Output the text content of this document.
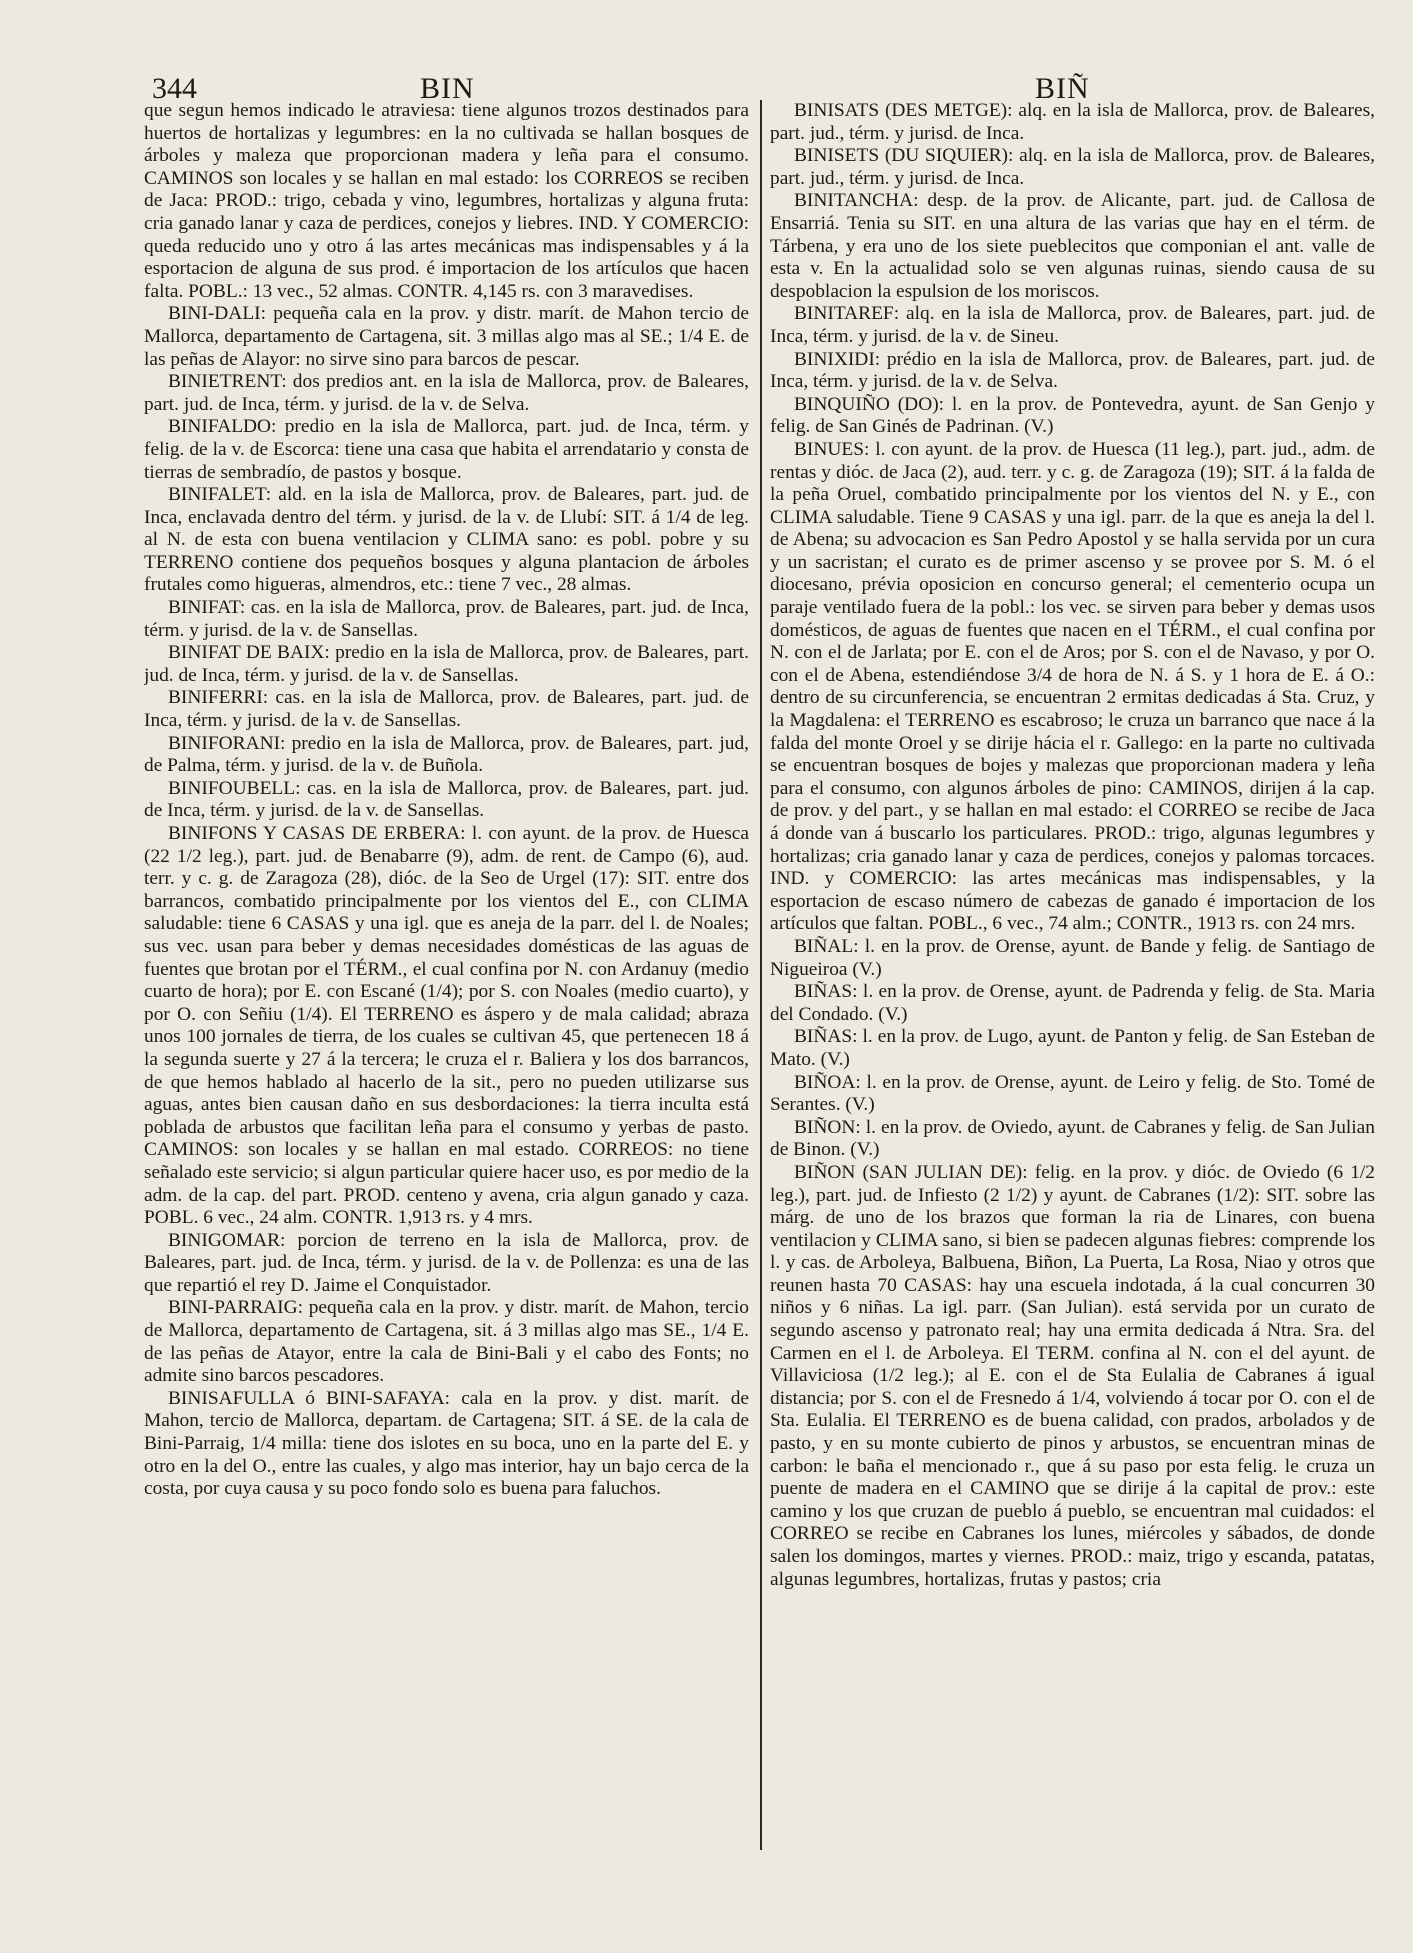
344	BIN	BIÑ

que segun hemos indicado le atraviesa: tiene algunos trozos destinados para huertos de hortalizas y legumbres: en la no cultivada se hallan bosques de árboles y maleza que proporcionan madera y leña para el consumo. CAMINOS son locales y se hallan en mal estado: los CORREOS se reciben de Jaca: PROD.: trigo, cebada y vino, legumbres, hortalizas y alguna fruta: cria ganado lanar y caza de perdices, conejos y liebres. IND. Y COMERCIO: queda reducido uno y otro á las artes mecánicas mas indispensables y á la esportacion de alguna de sus prod. é importacion de los artículos que hacen falta. POBL.: 13 vec., 52 almas. CONTR. 4,145 rs. con 3 maravedises.

BINI-DALI: pequeña cala en la prov. y distr. marít. de Mahon tercio de Mallorca, departamento de Cartagena, sit. 3 millas algo mas al SE.; 1/4 E. de las peñas de Alayor: no sirve sino para barcos de pescar.

BINIETRENT: dos predios ant. en la isla de Mallorca, prov. de Baleares, part. jud. de Inca, térm. y jurisd. de la v. de Selva.

BINIFALDO: predio en la isla de Mallorca, part. jud. de Inca, térm. y felig. de la v. de Escorca: tiene una casa que habita el arrendatario y consta de tierras de sembradío, de pastos y bosque.

BINIFALET: ald. en la isla de Mallorca, prov. de Baleares, part. jud. de Inca, enclavada dentro del térm. y jurisd. de la v. de Llubí: SIT. á 1/4 de leg. al N. de esta con buena ventilacion y CLIMA sano: es pobl. pobre y su TERRENO contiene dos pequeños bosques y alguna plantacion de árboles frutales como higueras, almendros, etc.: tiene 7 vec., 28 almas.

BINIFAT: cas. en la isla de Mallorca, prov. de Baleares, part. jud. de Inca, térm. y jurisd. de la v. de Sansellas.

BINIFAT DE BAIX: predio en la isla de Mallorca, prov. de Baleares, part. jud. de Inca, térm. y jurisd. de la v. de Sansellas.

BINIFERRI: cas. en la isla de Mallorca, prov. de Baleares, part. jud. de Inca, térm. y jurisd. de la v. de Sansellas.

BINIFORANI: predio en la isla de Mallorca, prov. de Baleares, part. jud, de Palma, térm. y jurisd. de la v. de Buñola.

BINIFOUBELL: cas. en la isla de Mallorca, prov. de Baleares, part. jud. de Inca, térm. y jurisd. de la v. de Sansellas.

BINIFONS Y CASAS DE ERBERA: l. con ayunt. de la prov. de Huesca (22 1/2 leg.), part. jud. de Benabarre (9), adm. de rent. de Campo (6), aud. terr. y c. g. de Zaragoza (28), dióc. de la Seo de Urgel (17): SIT. entre dos barrancos, combatido principalmente por los vientos del E., con CLIMA saludable: tiene 6 CASAS y una igl. que es aneja de la parr. del l. de Noales; sus vec. usan para beber y demas necesidades domésticas de las aguas de fuentes que brotan por el TÉRM., el cual confina por N. con Ardanuy (medio cuarto de hora); por E. con Escané (1/4); por S. con Noales (medio cuarto), y por O. con Señiu (1/4). El TERRENO es áspero y de mala calidad; abraza unos 100 jornales de tierra, de los cuales se cultivan 45, que pertenecen 18 á la segunda suerte y 27 á la tercera; le cruza el r. Baliera y los dos barrancos, de que hemos hablado al hacerlo de la sit., pero no pueden utilizarse sus aguas, antes bien causan daño en sus desbordaciones: la tierra inculta está poblada de arbustos que facilitan leña para el consumo y yerbas de pasto. CAMINOS: son locales y se hallan en mal estado. CORREOS: no tiene señalado este servicio; si algun particular quiere hacer uso, es por medio de la adm. de la cap. del part. PROD. centeno y avena, cria algun ganado y caza. POBL. 6 vec., 24 alm. CONTR. 1,913 rs. y 4 mrs.

BINIGOMAR: porcion de terreno en la isla de Mallorca, prov. de Baleares, part. jud. de Inca, térm. y jurisd. de la v. de Pollenza: es una de las que repartió el rey D. Jaime el Conquistador.

BINI-PARRAIG: pequeña cala en la prov. y distr. marít. de Mahon, tercio de Mallorca, departamento de Cartagena, sit. á 3 millas algo mas SE., 1/4 E. de las peñas de Atayor, entre la cala de Bini-Bali y el cabo des Fonts; no admite sino barcos pescadores.

BINISAFULLA ó BINI-SAFAYA: cala en la prov. y dist. marít. de Mahon, tercio de Mallorca, departam. de Cartagena; SIT. á SE. de la cala de Bini-Parraig, 1/4 milla: tiene dos islotes en su boca, uno en la parte del E. y otro en la del O., entre las cuales, y algo mas interior, hay un bajo cerca de la costa, por cuya causa y su poco fondo solo es buena para faluchos.

BINISATS (DES METGE): alq. en la isla de Mallorca, prov. de Baleares, part. jud., térm. y jurisd. de Inca.

BINISETS (DU SIQUIER): alq. en la isla de Mallorca, prov. de Baleares, part. jud., térm. y jurisd. de Inca.

BINITANCHA: desp. de la prov. de Alicante, part. jud. de Callosa de Ensarriá. Tenia su SIT. en una altura de las varias que hay en el térm. de Tárbena, y era uno de los siete pueblecitos que componian el ant. valle de esta v. En la actualidad solo se ven algunas ruinas, siendo causa de su despoblacion la espulsion de los moriscos.

BINITAREF: alq. en la isla de Mallorca, prov. de Baleares, part. jud. de Inca, térm. y jurisd. de la v. de Sineu.

BINIXIDI: prédio en la isla de Mallorca, prov. de Baleares, part. jud. de Inca, térm. y jurisd. de la v. de Selva.

BINQUIÑO (DO): l. en la prov. de Pontevedra, ayunt. de San Genjo y felig. de San Ginés de Padrinan. (V.)

BINUES: l. con ayunt. de la prov. de Huesca (11 leg.), part. jud., adm. de rentas y dióc. de Jaca (2), aud. terr. y c. g. de Zaragoza (19); SIT. á la falda de la peña Oruel, combatido principalmente por los vientos del N. y E., con CLIMA saludable. Tiene 9 CASAS y una igl. parr. de la que es aneja la del l. de Abena; su advocacion es San Pedro Apostol y se halla servida por un cura y un sacristan; el curato es de primer ascenso y se provee por S. M. ó el diocesano, prévia oposicion en concurso general; el cementerio ocupa un paraje ventilado fuera de la pobl.: los vec. se sirven para beber y demas usos domésticos, de aguas de fuentes que nacen en el TÉRM., el cual confina por N. con el de Jarlata; por E. con el de Aros; por S. con el de Navaso, y por O. con el de Abena, estendiéndose 3/4 de hora de N. á S. y 1 hora de E. á O.: dentro de su circunferencia, se encuentran 2 ermitas dedicadas á Sta. Cruz, y la Magdalena: el TERRENO es escabroso; le cruza un barranco que nace á la falda del monte Oroel y se dirije hácia el r. Gallego: en la parte no cultivada se encuentran bosques de bojes y malezas que proporcionan madera y leña para el consumo, con algunos árboles de pino: CAMINOS, dirijen á la cap. de prov. y del part., y se hallan en mal estado: el CORREO se recibe de Jaca á donde van á buscarlo los particulares. PROD.: trigo, algunas legumbres y hortalizas; cria ganado lanar y caza de perdices, conejos y palomas torcaces. IND. y COMERCIO: las artes mecánicas mas indispensables, y la esportacion de escaso número de cabezas de ganado é importacion de los artículos que faltan. POBL., 6 vec., 74 alm.; CONTR., 1913 rs. con 24 mrs.

BIÑAL: l. en la prov. de Orense, ayunt. de Bande y felig. de Santiago de Nigueiroa (V.)

BIÑAS: l. en la prov. de Orense, ayunt. de Padrenda y felig. de Sta. Maria del Condado. (V.)

BIÑAS: l. en la prov. de Lugo, ayunt. de Panton y felig. de San Esteban de Mato. (V.)

BIÑOA: l. en la prov. de Orense, ayunt. de Leiro y felig. de Sto. Tomé de Serantes. (V.)

BIÑON: l. en la prov. de Oviedo, ayunt. de Cabranes y felig. de San Julian de Binon. (V.)

BIÑON (SAN JULIAN DE): felig. en la prov. y dióc. de Oviedo (6 1/2 leg.), part. jud. de Infiesto (2 1/2) y ayunt. de Cabranes (1/2): SIT. sobre las márg. de uno de los brazos que forman la ria de Linares, con buena ventilacion y CLIMA sano, si bien se padecen algunas fiebres: comprende los l. y cas. de Arboleya, Balbuena, Biñon, La Puerta, La Rosa, Niao y otros que reunen hasta 70 CASAS: hay una escuela indotada, á la cual concurren 30 niños y 6 niñas. La igl. parr. (San Julian). está servida por un curato de segundo ascenso y patronato real; hay una ermita dedicada á Ntra. Sra. del Carmen en el l. de Arboleya. El TERM. confina al N. con el del ayunt. de Villaviciosa (1/2 leg.); al E. con el de Sta Eulalia de Cabranes á igual distancia; por S. con el de Fresnedo á 1/4, volviendo á tocar por O. con el de Sta. Eulalia. El TERRENO es de buena calidad, con prados, arbolados y de pasto, y en su monte cubierto de pinos y arbustos, se encuentran minas de carbon: le baña el mencionado r., que á su paso por esta felig. le cruza un puente de madera en el CAMINO que se dirije á la capital de prov.: este camino y los que cruzan de pueblo á pueblo, se encuentran mal cuidados: el CORREO se recibe en Cabranes los lunes, miércoles y sábados, de donde salen los domingos, martes y viernes. PROD.: maiz, trigo y escanda, patatas, algunas legumbres, hortalizas, frutas y pastos; cria
